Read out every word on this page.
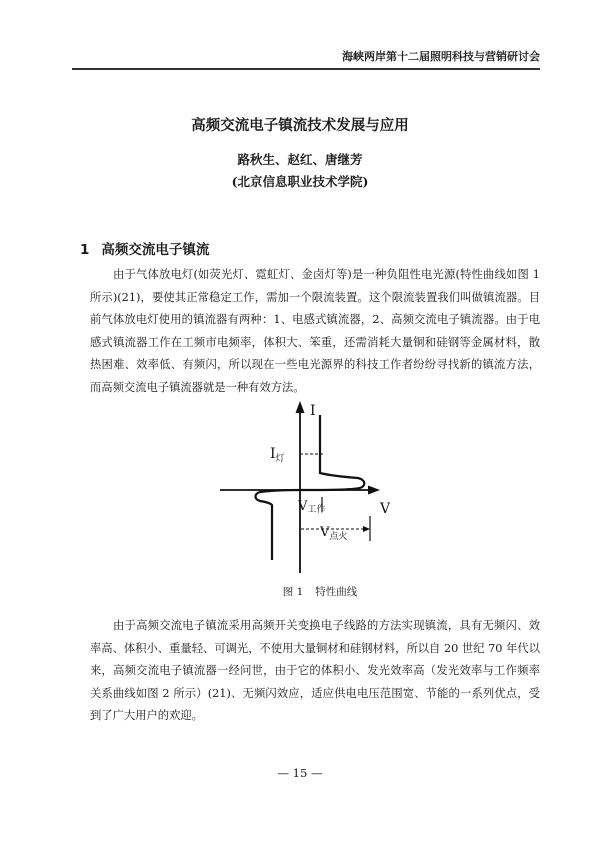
海峡两岸第十二届照明科技与营销研讨会
高频交流电子镇流技术发展与应用
路秋生、赵红、唐继芳
(北京信息职业技术学院)
1 高频交流电子镇流

由于气体放电灯(如荧光灯、霓虹灯、金卤灯等)是一种负阻性电光源(特性曲线如图 1 所示)(21)，要使其正常稳定工作，需加一个限流装置。这个限流装置我们叫做镇流器。目前气体放电灯使用的镇流器有两种：1、电感式镇流器，2、高频交流电子镇流器。由于电感式镇流器工作在工频市电频率，体积大、笨重，还需消耗大量铜和硅钢等金属材料，散热困难、效率低、有频闪，所以现在一些电光源界的科技工作者纷纷寻找新的镇流方法，而高频交流电子镇流器就是一种有效方法。

I
V
I灯
V工作
V点火
图 1 特性曲线

由于高频交流电子镇流采用高频开关变换电子线路的方法实现镇流，具有无频闪、效率高、体积小、重量轻、可调光，不使用大量铜材和硅钢材料，所以自 20 世纪 70 年代以来，高频交流电子镇流器一经问世，由于它的体积小、发光效率高（发光效率与工作频率关系曲线如图 2 所示）(21)、无频闪效应，适应供电电压范围宽、节能的一系列优点，受到了广大用户的欢迎。

— 15 —
